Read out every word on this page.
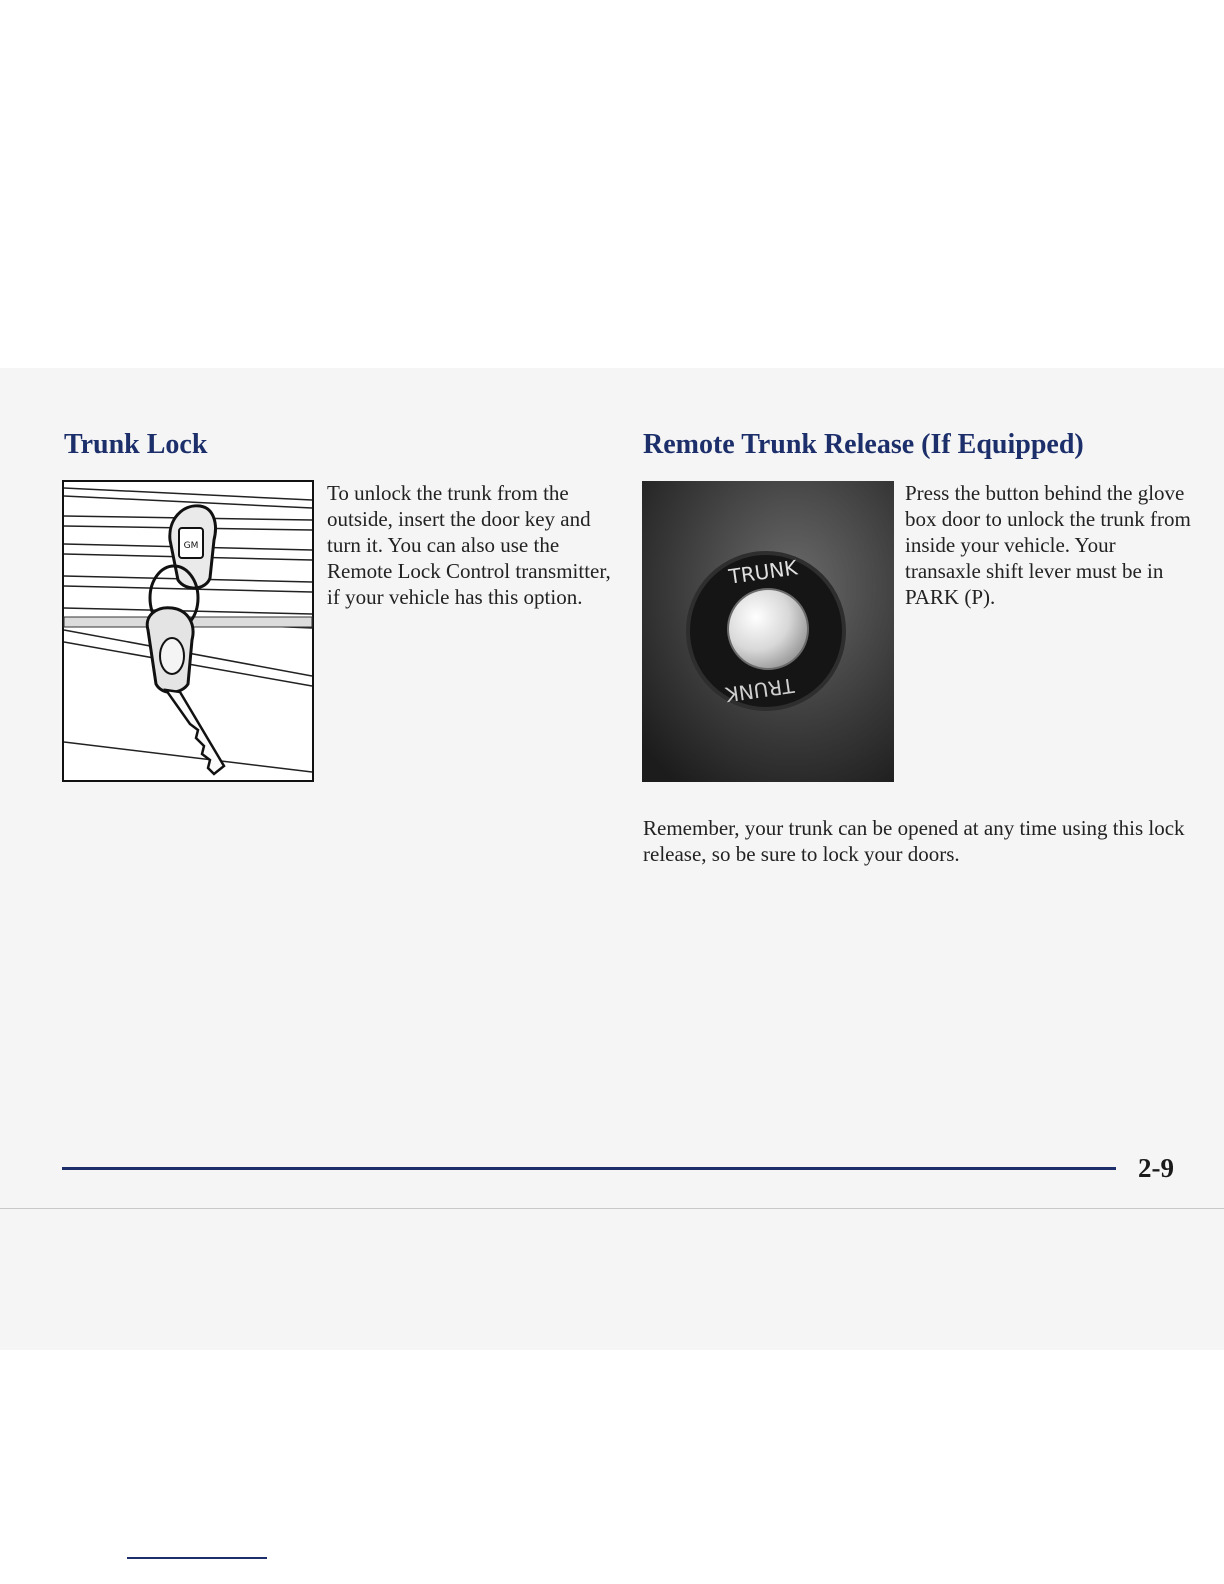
Trunk Lock	Remote Trunk Release (If Equipped)
GM

To unlock the trunk from the outside, insert the door key and turn it. You can also use the Remote Lock Control transmitter, if your vehicle has this option.

TRUNK
TRUNK

Press the button behind the glove box door to unlock the trunk from inside your vehicle. Your transaxle shift lever must be in PARK (P).

Remember, your trunk can be opened at any time using this lock release, so be sure to lock your doors.

2-9
